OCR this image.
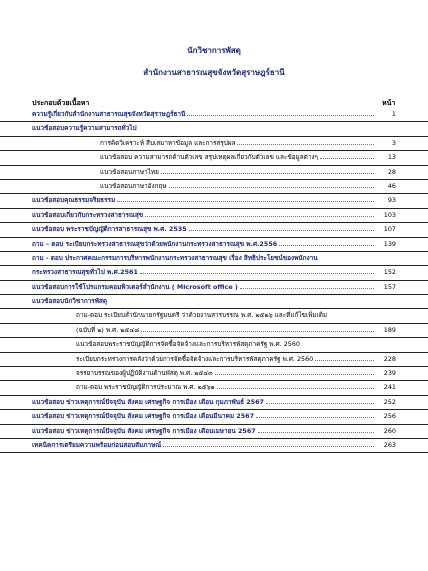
นักวิชาการพัสดุ
สำนักงานสาธารณสุขจังหวัดสุราษฎร์ธานี
ประกอบด้วยเนื้อหา	หน้า
ความรู้เกี่ยวกับสำนักงานสาธารณสุขจังหวัดสุราษฎร์ธานี	1
แนวข้อสอบความรู้ความสามารถทั่วไป
การคิดวิเคราะห์ สืบเสมาหาข้อมูล และการสรุปผล	3
แนวข้อสอบ ความสามารถด้านตัวเลข สรุปเหตุผลเกี่ยวกับตัวเลข และข้อมูลต่างๆ	13
แนวข้อสอบภาษาไทย	28
แนวข้อสอบภาษาอังกฤษ	46
แนวข้อสอบคุณธรรมจริยธรรม	93
แนวข้อสอบเกี่ยวกับกระทรวงสาธารณสุข	103
แนวข้อสอบ พระราชบัญญัติการสาธารณสุข พ.ศ. 2535	107
ถาม – ตอบ ระเบียบกระทรวงสาธารณสุขว่าด้วยพนักงานกระทรวงสาธารณสุข พ.ศ.2556	139
ถาม - ตอบ ประกาศคณะกรรมการบริหารพนักงานกระทรวงสาธารณสุข เรื่อง สิทธิประโยชน์ของพนักงาน
กระทรวงสาธารณสุขทั่วไป พ.ศ.2561	152
แนวข้อสอบการใช้โปรแกรมคอมพิวเตอร์สำนักงาน ( Microsoft office )	157
แนวข้อสอบนักวิชาการพัสดุ
ถาม-ตอบ ระเบียบสำนักนายกรัฐมนตรี ว่าด้วยงานสารบรรณ พ.ศ. ๒๕๒๖ และที่แก้ไขเพิ่มเติม
(ฉบับที่ ๒) พ.ศ. ๒๕๔๘	189
แนวข้อสอบพระราชบัญญัติการจัดซื้อจัดจ้างและการบริหารพัสดุภาครัฐ พ.ศ. 2560
ระเบียบกระทรวงการคลังว่าด้วยการจัดซื้อจัดจ้างและการบริหารพัสดุภาครัฐ พ.ศ. 2560	228
จรรยาบรรณของผู้ปฏิบัติงานด้านพัสดุ พ.ศ. ๒๕๔๓	239
ถาม-ตอบ พระราชบัญญัติการประมาณ พ.ศ. ๒๕๖๑	241
แนวข้อสอบ ข่าวเหตุการณ์ปัจจุบัน สังคม เศรษฐกิจ การเมือง เดือน กุมภาพันธ์ 2567	252
แนวข้อสอบ ข่าวเหตุการณ์ปัจจุบัน สังคม เศรษฐกิจ การเมือง เดือนมีนาคม 2567	256
แนวข้อสอบ ข่าวเหตุการณ์ปัจจุบัน สังคม เศรษฐกิจ การเมือง เดือนเมษายน 2567	260
เทคนิคการเตรียมความพร้อมก่อนสอบสัมภาษณ์	263
